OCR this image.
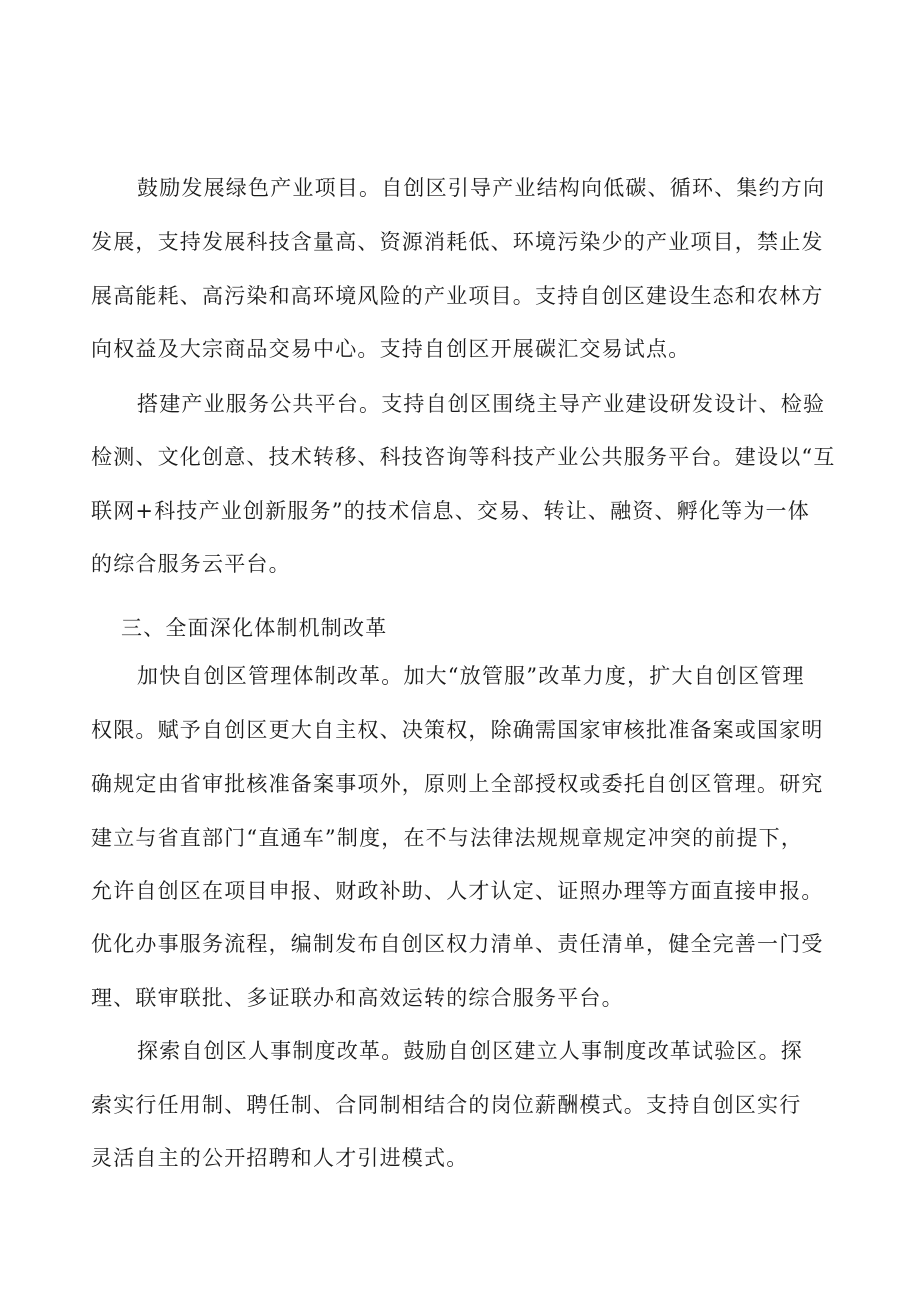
鼓励发展绿色产业项目。自创区引导产业结构向低碳、循环、集约方向
发展，支持发展科技含量高、资源消耗低、环境污染少的产业项目，禁止发
展高能耗、高污染和高环境风险的产业项目。支持自创区建设生态和农林方
向权益及大宗商品交易中心。支持自创区开展碳汇交易试点。
搭建产业服务公共平台。支持自创区围绕主导产业建设研发设计、检验
检测、文化创意、技术转移、科技咨询等科技产业公共服务平台。建设以“互
联网+科技产业创新服务”的技术信息、交易、转让、融资、孵化等为一体
的综合服务云平台。
三、全面深化体制机制改革
加快自创区管理体制改革。加大“放管服”改革力度，扩大自创区管理
权限。赋予自创区更大自主权、决策权，除确需国家审核批准备案或国家明
确规定由省审批核准备案事项外，原则上全部授权或委托自创区管理。研究
建立与省直部门“直通车”制度，在不与法律法规规章规定冲突的前提下，
允许自创区在项目申报、财政补助、人才认定、证照办理等方面直接申报。
优化办事服务流程，编制发布自创区权力清单、责任清单，健全完善一门受
理、联审联批、多证联办和高效运转的综合服务平台。
探索自创区人事制度改革。鼓励自创区建立人事制度改革试验区。探
索实行任用制、聘任制、合同制相结合的岗位薪酬模式。支持自创区实行
灵活自主的公开招聘和人才引进模式。
